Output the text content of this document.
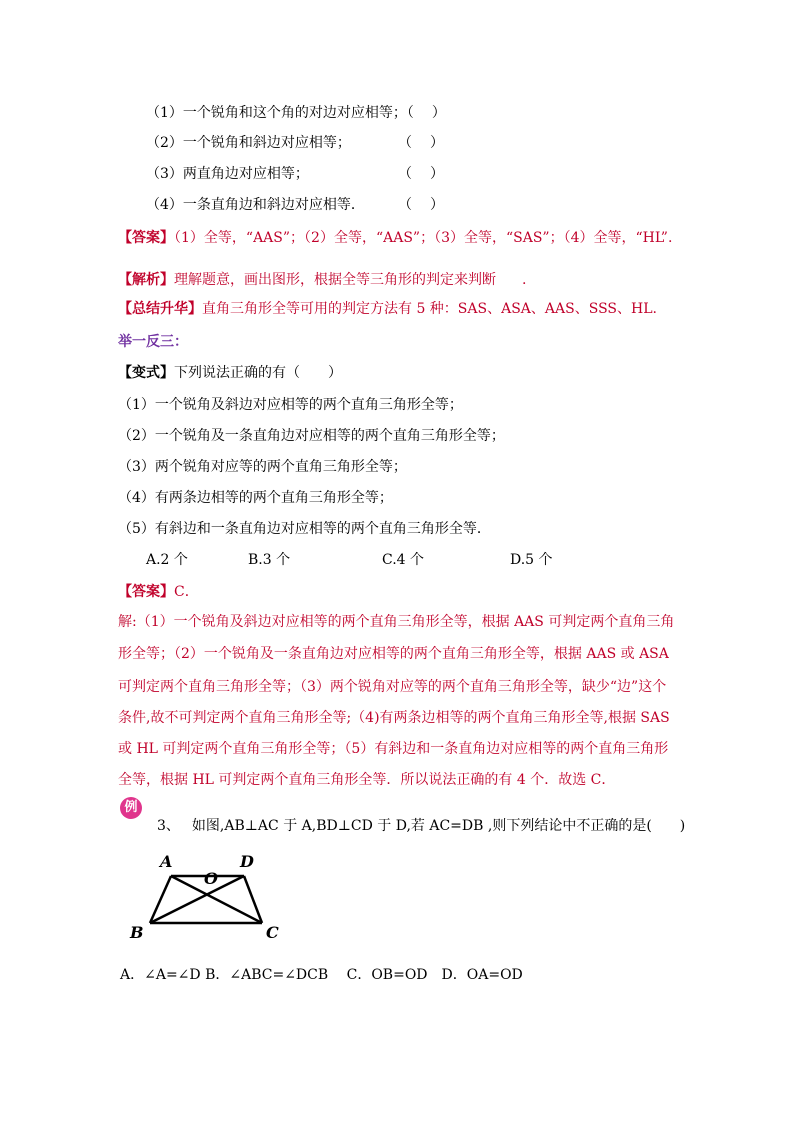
（1）一个锐角和这个角的对边对应相等；（ ）
（2）一个锐角和斜边对应相等；	（ ）
（3）两直角边对应相等；	（ ）
（4）一条直角边和斜边对应相等． （ ）
【答案】（1）全等，“AAS”；（2）全等，“AAS”；（3）全等，“SAS”；（4）全等，“HL”.
【解析】理解题意，画出图形，根据全等三角形的判定来判断 .
【总结升华】直角三角形全等可用的判定方法有 5 种：SAS、ASA、AAS、SSS、HL.
举一反三：
【变式】下列说法正确的有（　　）
（1）一个锐角及斜边对应相等的两个直角三角形全等；
（2）一个锐角及一条直角边对应相等的两个直角三角形全等；
（3）两个锐角对应等的两个直角三角形全等；
（4）有两条边相等的两个直角三角形全等；
（5）有斜边和一条直角边对应相等的两个直角三角形全等．
A.2 个	B.3 个	C.4 个	D.5 个
【答案】C．
解:（1）一个锐角及斜边对应相等的两个直角三角形全等，根据 AAS 可判定两个直角三角
形全等；（2）一个锐角及一条直角边对应相等的两个直角三角形全等，根据 AAS 或 ASA
可判定两个直角三角形全等；（3）两个锐角对应等的两个直角三角形全等，缺少“边”这个
条件,故不可判定两个直角三角形全等;（4)有两条边相等的两个直角三角形全等,根据 SAS
或 HL 可判定两个直角三角形全等；（5）有斜边和一条直角边对应相等的两个直角三角形
全等，根据 HL 可判定两个直角三角形全等．所以说法正确的有 4 个．故选 C．
例
3、 如图,AB⊥AC 于 A,BD⊥CD 于 D,若 AC=DB ,则下列结论中不正确的是(　　)
A	D
O
B	C
A．∠A=∠D B．∠ABC=∠DCB　 C．OB=OD　D．OA=OD
